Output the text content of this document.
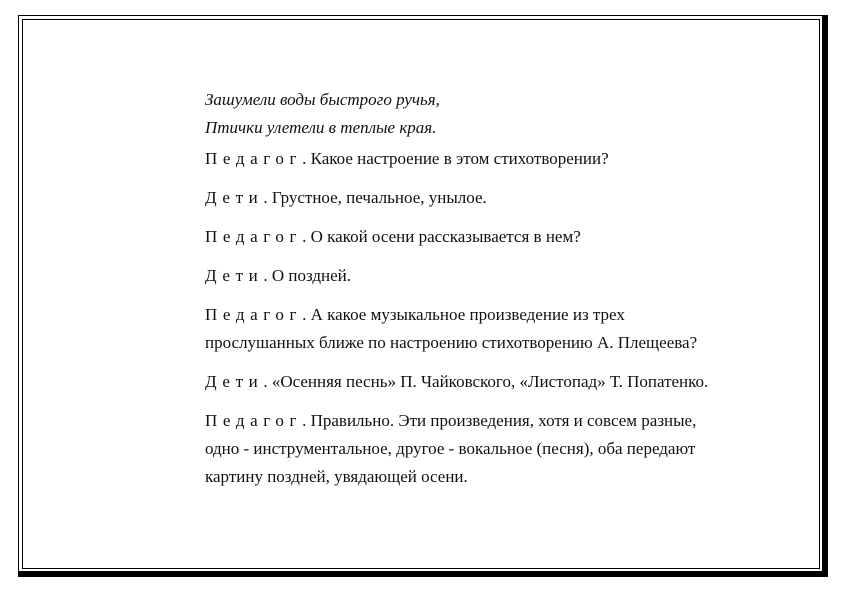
Зашумели воды быстрого ручья,
Птички улетели в теплые края.

Педагог. Какое настроение в этом стихотворении?

Дети. Грустное, печальное, унылое.

Педагог. О какой осени рассказывается в нем?

Дети. О поздней.

Педагог. А какое музыкальное произведение из трех прослушанных ближе по настроению стихотворению А. Плещеева?

Дети. «Осенняя песнь» П. Чайковского, «Листопад» Т. Попатенко.

Педагог. Правильно. Эти произведения, хотя и совсем разные, одно - инструментальное, другое - вокальное (песня), оба передают картину поздней, увядающей осени.
